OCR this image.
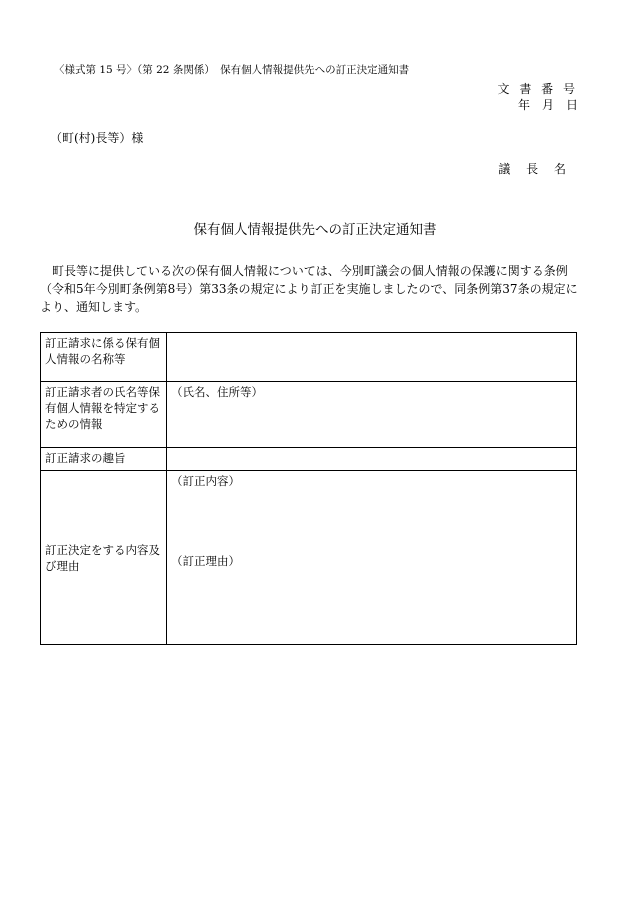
〈様式第 15 号〉（第 22 条関係）　保有個人情報提供先への訂正決定通知書
文 書 番 号
年　月　日
（町(村)長等）様
議 長 名
保有個人情報提供先への訂正決定通知書
町長等に提供している次の保有個人情報については、今別町議会の個人情報の保護に関する条例（令和5年今別町条例第8号）第33条の規定により訂正を実施しましたので、同条例第37条の規定により、通知します。
訂正請求に係る保有個人情報の名称等	
訂正請求者の氏名等保有個人情報を特定するための情報	（氏名、住所等）
訂正請求の趣旨	
訂正決定をする内容及び理由	（訂正内容）
（訂正理由）
